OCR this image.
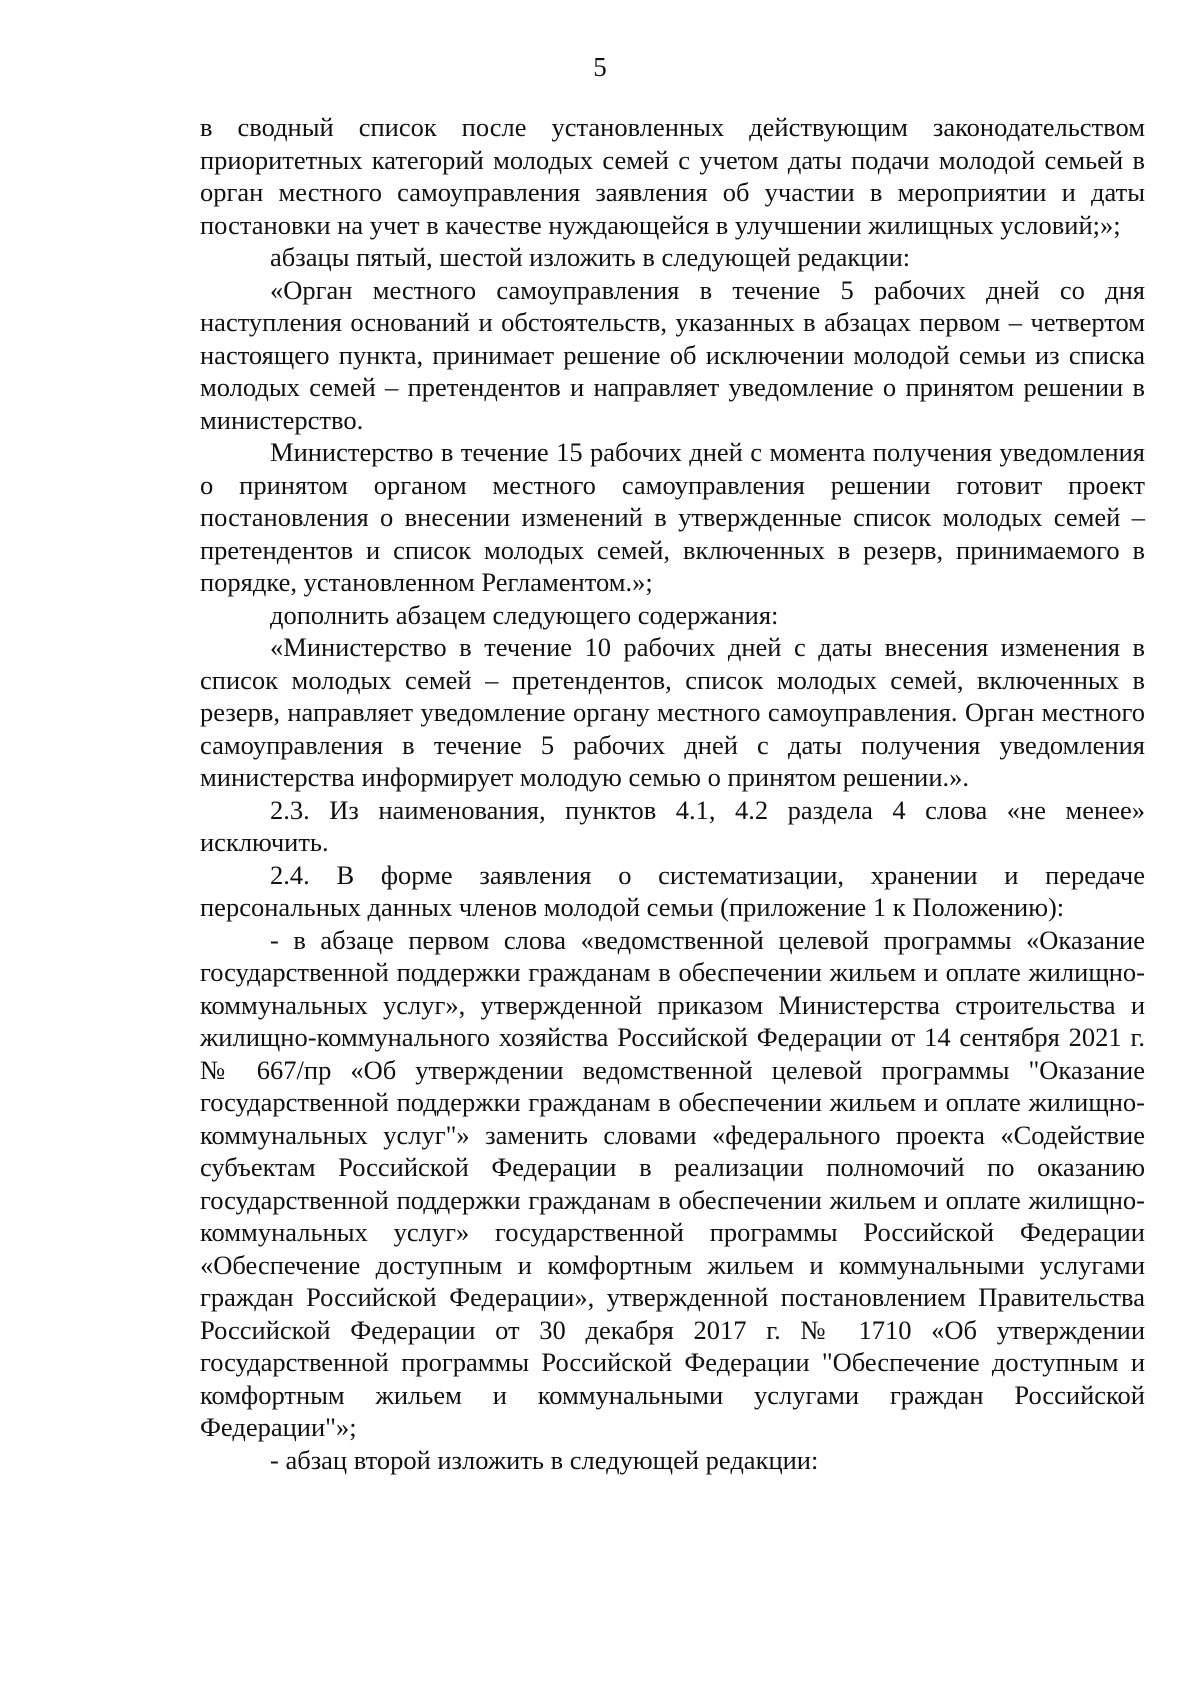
5

в сводный список после установленных действующим законодательством приоритетных категорий молодых семей с учетом даты подачи молодой семьей в орган местного самоуправления заявления об участии в мероприятии и даты постановки на учет в качестве нуждающейся в улучшении жилищных условий;»;

абзацы пятый, шестой изложить в следующей редакции:

«Орган местного самоуправления в течение 5 рабочих дней со дня наступления оснований и обстоятельств, указанных в абзацах первом – четвертом настоящего пункта, принимает решение об исключении молодой семьи из списка молодых семей – претендентов и направляет уведомление о принятом решении в министерство.

Министерство в течение 15 рабочих дней с момента получения уведомления о принятом органом местного самоуправления решении готовит проект постановления о внесении изменений в утвержденные список молодых семей – претендентов и список молодых семей, включенных в резерв, принимаемого в порядке, установленном Регламентом.»;

дополнить абзацем следующего содержания:

«Министерство в течение 10 рабочих дней с даты внесения изменения в список молодых семей – претендентов, список молодых семей, включенных в резерв, направляет уведомление органу местного самоуправления. Орган местного самоуправления в течение 5 рабочих дней с даты получения уведомления министерства информирует молодую семью о принятом решении.».

2.3. Из наименования, пунктов 4.1, 4.2 раздела 4 слова «не менее» исключить.

2.4. В форме заявления о систематизации, хранении и передаче персональных данных членов молодой семьи (приложение 1 к Положению):

- в абзаце первом слова «ведомственной целевой программы «Оказание государственной поддержки гражданам в обеспечении жильем и оплате жилищно-коммунальных услуг», утвержденной приказом Министерства строительства и жилищно-коммунального хозяйства Российской Федерации от 14 сентября 2021 г. № 667/пр «Об утверждении ведомственной целевой программы "Оказание государственной поддержки гражданам в обеспечении жильем и оплате жилищно-коммунальных услуг"» заменить словами «федерального проекта «Содействие субъектам Российской Федерации в реализации полномочий по оказанию государственной поддержки гражданам в обеспечении жильем и оплате жилищно-коммунальных услуг» государственной программы Российской Федерации «Обеспечение доступным и комфортным жильем и коммунальными услугами граждан Российской Федерации», утвержденной постановлением Правительства Российской Федерации от 30 декабря 2017 г. № 1710 «Об утверждении государственной программы Российской Федерации "Обеспечение доступным и комфортным жильем и коммунальными услугами граждан Российской Федерации"»;

- абзац второй изложить в следующей редакции:
